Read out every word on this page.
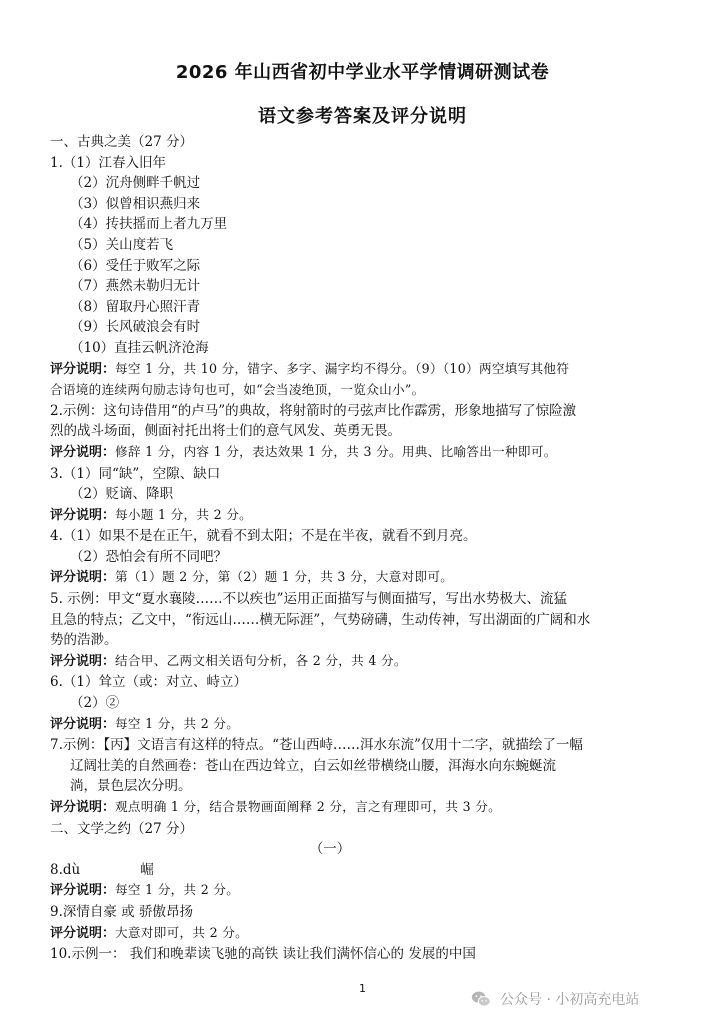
2026 年山西省初中学业水平学情调研测试卷
语文参考答案及评分说明
一、古典之美（27 分）
1.（1）江春入旧年
（2）沉舟侧畔千帆过
（3）似曾相识燕归来
（4）抟扶摇而上者九万里
（5）关山度若飞
（6）受任于败军之际
（7）燕然未勒归无计
（8）留取丹心照汗青
（9）长风破浪会有时
（10）直挂云帆济沧海
评分说明：每空 1 分，共 10 分，错字、多字、漏字均不得分。（9）（10）两空填写其他符
合语境的连续两句励志诗句也可，如“会当凌绝顶，一览众山小”。
2.示例：这句诗借用“的卢马”的典故，将射箭时的弓弦声比作霹雳，形象地描写了惊险激
烈的战斗场面，侧面衬托出将士们的意气风发、英勇无畏。
评分说明：修辞 1 分，内容 1 分，表达效果 1 分，共 3 分。用典、比喻答出一种即可。
3.（1）同“缺”，空隙、缺口
（2）贬谪、降职
评分说明：每小题 1 分，共 2 分。
4.（1）如果不是在正午，就看不到太阳；不是在半夜，就看不到月亮。
（2）恐怕会有所不同吧？
评分说明：第（1）题 2 分，第（2）题 1 分，共 3 分，大意对即可。
5. 示例：甲文“夏水襄陵……不以疾也”运用正面描写与侧面描写，写出水势极大、流猛
且急的特点；乙文中，“衔远山……横无际涯”，气势磅礴，生动传神，写出湖面的广阔和水
势的浩渺。
评分说明：结合甲、乙两文相关语句分析，各 2 分，共 4 分。
6.（1）耸立（或：对立、峙立）
（2）②
评分说明：每空 1 分，共 2 分。
7.示例：【丙】文语言有这样的特点。“苍山西峙……洱水东流”仅用十二字，就描绘了一幅
辽阔壮美的自然画卷：苍山在西边耸立，白云如丝带横绕山腰，洱海水向东蜿蜒流
淌，景色层次分明。
评分说明：观点明确 1 分，结合景物画面阐释 2 分，言之有理即可，共 3 分。
二、文学之约（27 分）
（一）
8.dù	崛
评分说明：每空 1 分，共 2 分。
9.深情自豪 或 骄傲昂扬
评分说明：大意对即可，共 2 分。
10.示例一： 我们和晚辈读飞驰的高铁 读让我们满怀信心的 发展的中国
1
公众号 · 小初高充电站
